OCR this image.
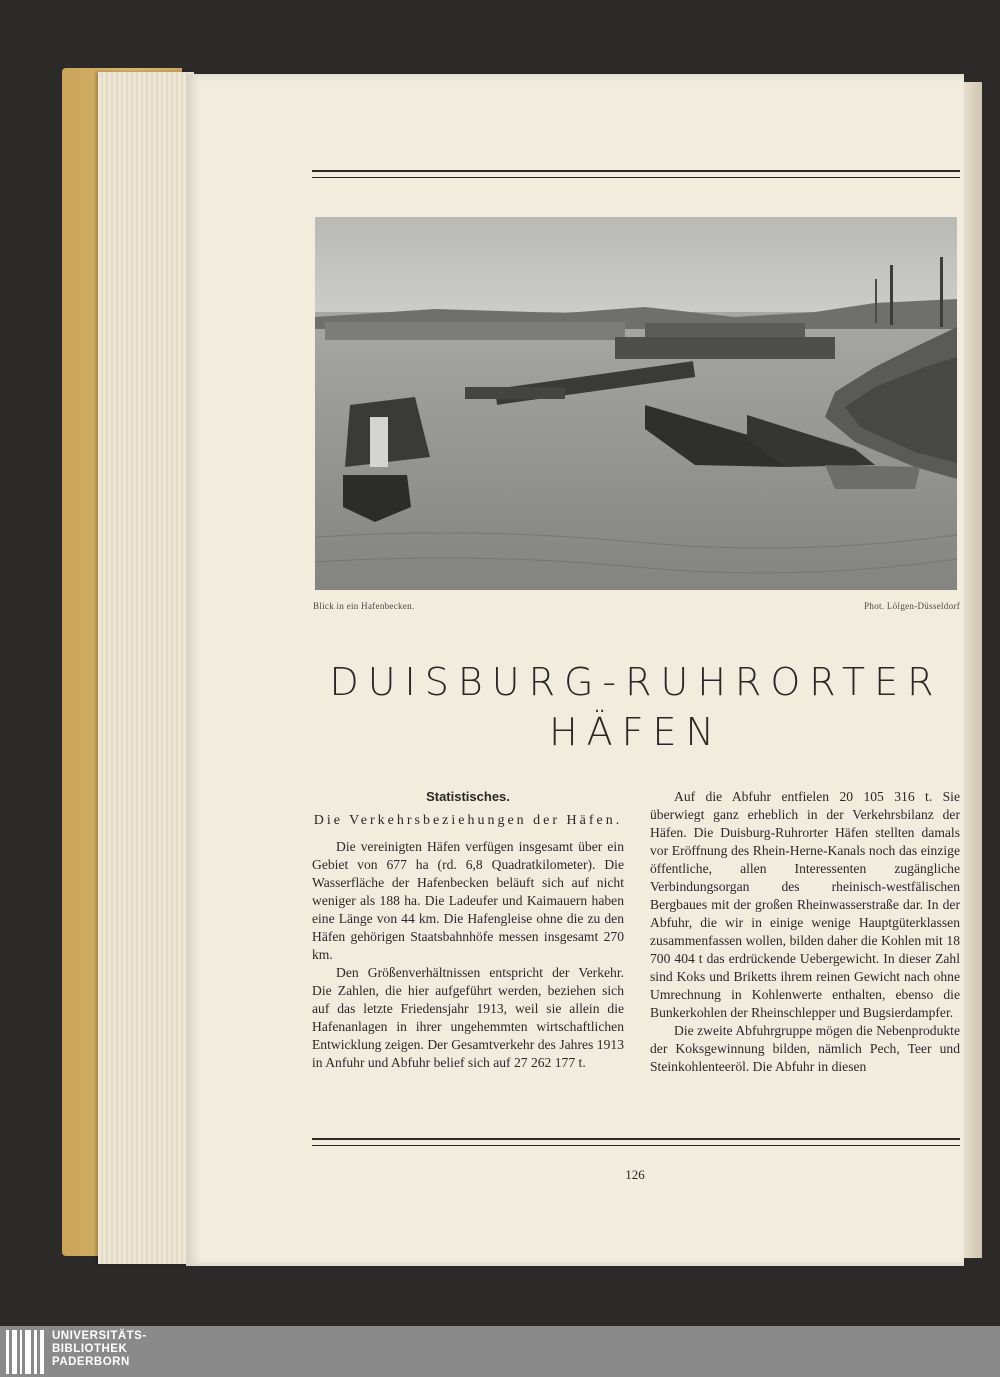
Blick in ein Hafenbecken.	Phot. Lölgen-Düsseldorf
DUISBURG-RUHRORTER
HÄFEN
Statistisches.
Die Verkehrsbeziehungen der Häfen.

Die vereinigten Häfen verfügen insgesamt über ein Gebiet von 677 ha (rd. 6,8 Quadratkilometer). Die Wasserfläche der Hafenbecken beläuft sich auf nicht weniger als 188 ha. Die Ladeufer und Kaimauern haben eine Länge von 44 km. Die Hafengleise ohne die zu den Häfen gehörigen Staatsbahnhöfe messen insgesamt 270 km.

Den Größenverhältnissen entspricht der Verkehr. Die Zahlen, die hier aufgeführt werden, beziehen sich auf das letzte Friedensjahr 1913, weil sie allein die Hafenanlagen in ihrer ungehemmten wirtschaftlichen Entwicklung zeigen. Der Gesamtverkehr des Jahres 1913 in Anfuhr und Abfuhr belief sich auf 27 262 177 t.

Auf die Abfuhr entfielen 20 105 316 t. Sie überwiegt ganz erheblich in der Verkehrsbilanz der Häfen. Die Duisburg-Ruhrorter Häfen stellten damals vor Eröffnung des Rhein-Herne-Kanals noch das einzige öffentliche, allen Interessenten zugängliche Verbindungsorgan des rheinisch-westfälischen Bergbaues mit der großen Rheinwasserstraße dar. In der Abfuhr, die wir in einige wenige Hauptgüterklassen zusammenfassen wollen, bilden daher die Kohlen mit 18 700 404 t das erdrückende Uebergewicht. In dieser Zahl sind Koks und Briketts ihrem reinen Gewicht nach ohne Umrechnung in Kohlenwerte enthalten, ebenso die Bunkerkohlen der Rheinschlepper und Bugsierdampfer.

Die zweite Abfuhrgruppe mögen die Nebenprodukte der Koksgewinnung bilden, nämlich Pech, Teer und Steinkohlenteeröl. Die Abfuhr in diesen

126
UNIVERSITÄTS-
BIBLIOTHEK
PADERBORN
